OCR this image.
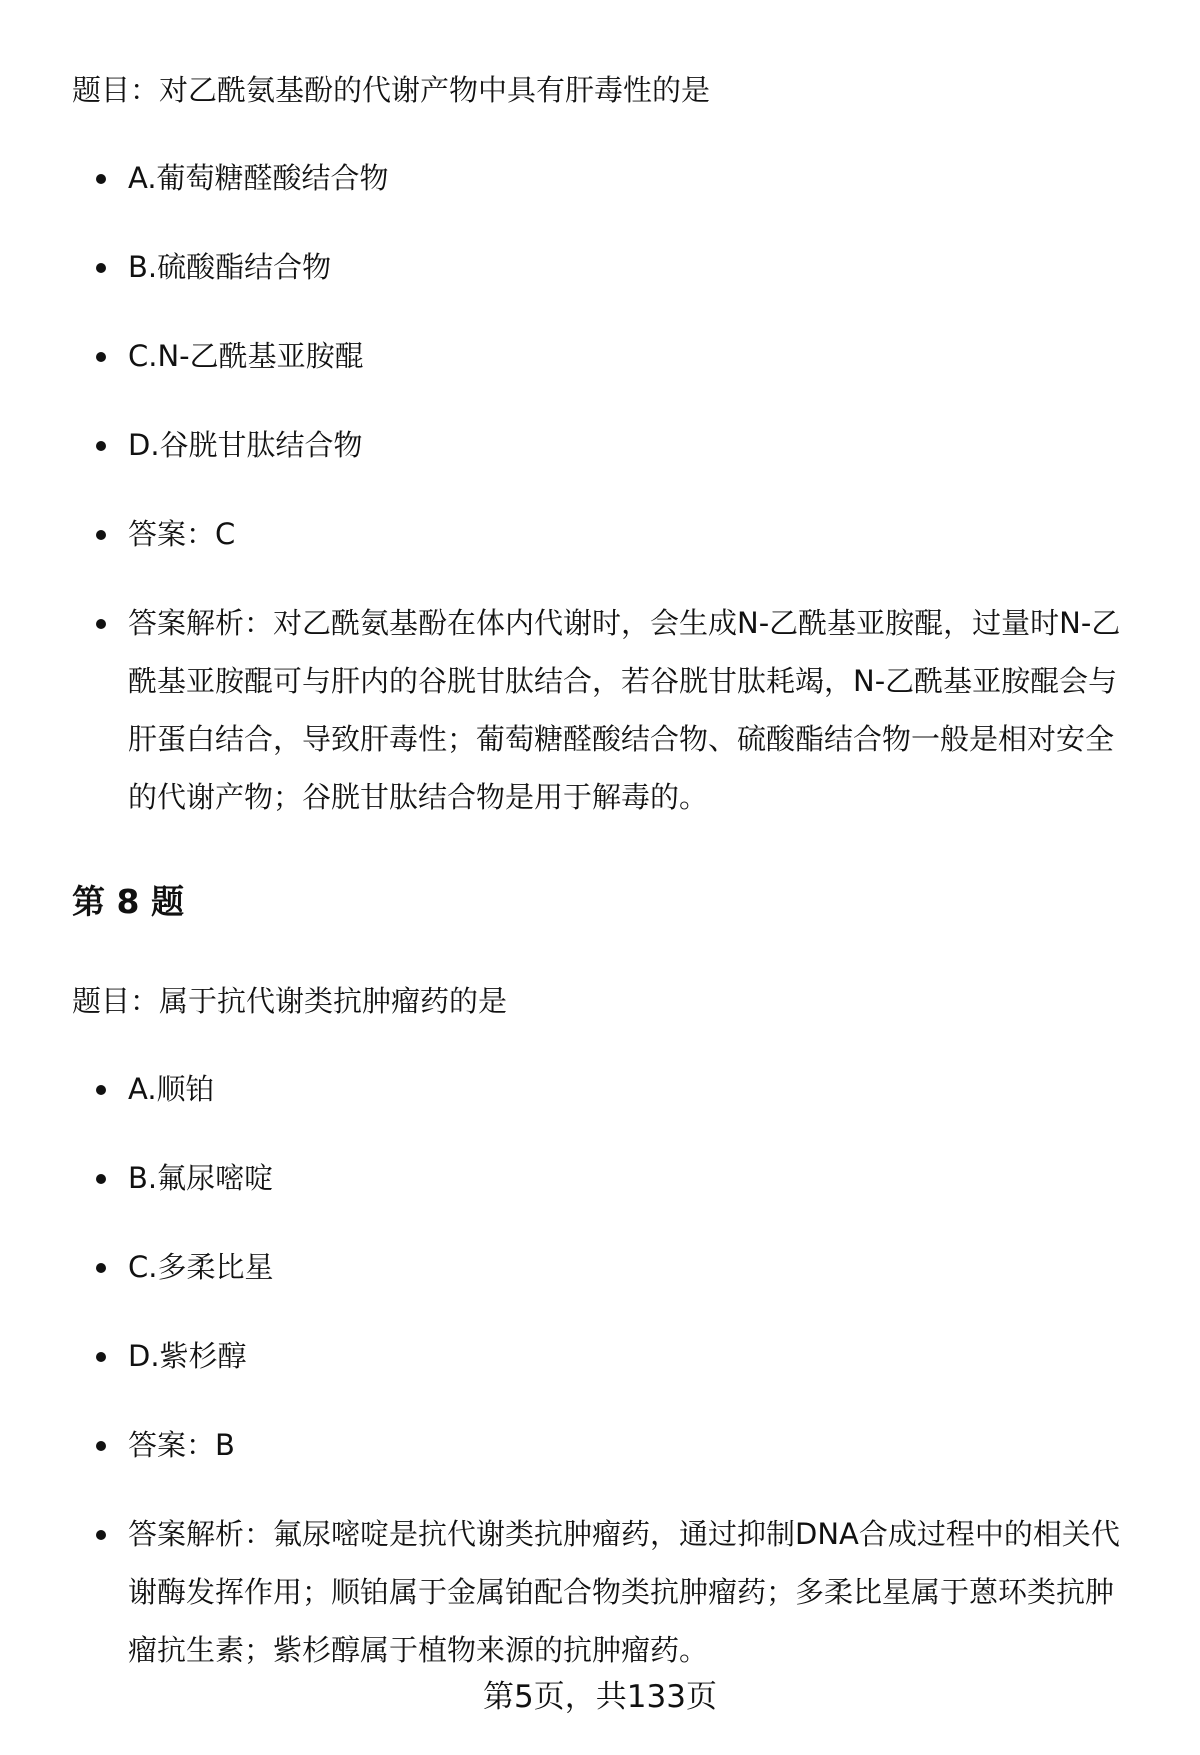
题目：对乙酰氨基酚的代谢产物中具有肝毒性的是
A.葡萄糖醛酸结合物
B.硫酸酯结合物
C.N-乙酰基亚胺醌
D.谷胱甘肽结合物
答案：C
答案解析：对乙酰氨基酚在体内代谢时，会生成N-乙酰基亚胺醌，过量时N-乙
酰基亚胺醌可与肝内的谷胱甘肽结合，若谷胱甘肽耗竭，N-乙酰基亚胺醌会与
肝蛋白结合，导致肝毒性；葡萄糖醛酸结合物、硫酸酯结合物一般是相对安全
的代谢产物；谷胱甘肽结合物是用于解毒的。
第 8 题
题目：属于抗代谢类抗肿瘤药的是
A.顺铂
B.氟尿嘧啶
C.多柔比星
D.紫杉醇
答案：B
答案解析：氟尿嘧啶是抗代谢类抗肿瘤药，通过抑制DNA合成过程中的相关代
谢酶发挥作用；顺铂属于金属铂配合物类抗肿瘤药；多柔比星属于蒽环类抗肿
瘤抗生素；紫杉醇属于植物来源的抗肿瘤药。
第5页，共133页
